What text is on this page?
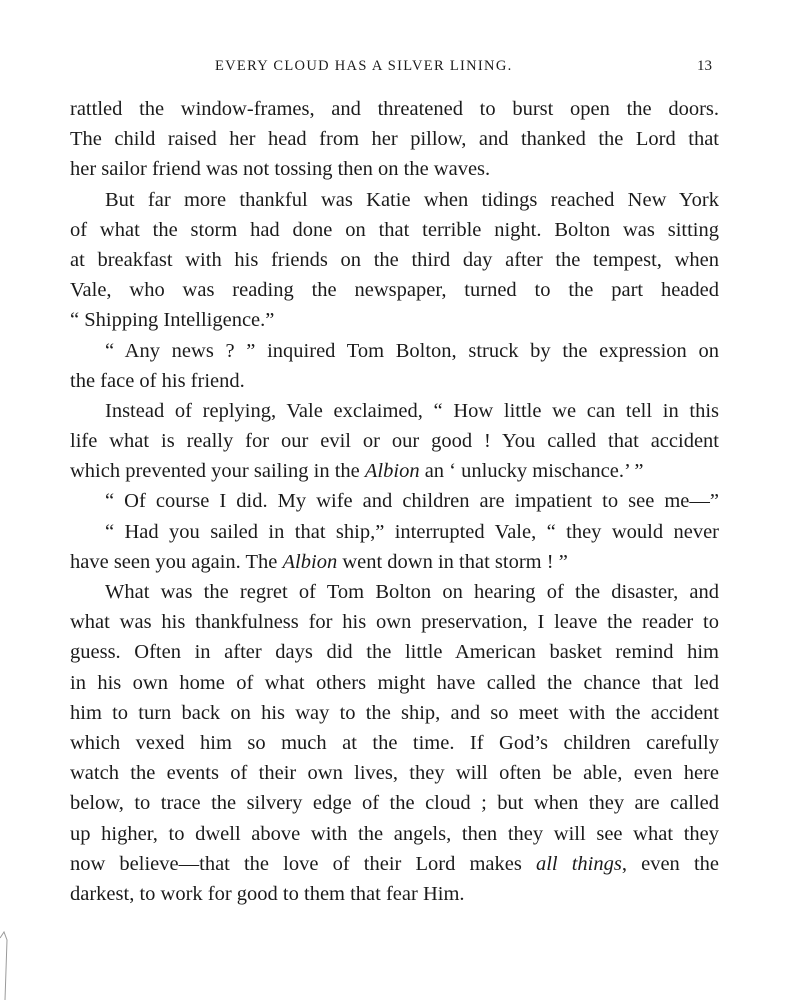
EVERY CLOUD HAS A SILVER LINING.	13
rattled the window-frames, and threatened to burst open the doors.
The child raised her head from her pillow, and thanked the Lord that
her sailor friend was not tossing then on the waves.
But far more thankful was Katie when tidings reached New York
of what the storm had done on that terrible night. Bolton was sitting
at breakfast with his friends on the third day after the tempest, when
Vale, who was reading the newspaper, turned to the part headed
“ Shipping Intelligence.”
“ Any news ? ” inquired Tom Bolton, struck by the expression on
the face of his friend.
Instead of replying, Vale exclaimed, “ How little we can tell in this
life what is really for our evil or our good ! You called that accident
which prevented your sailing in the Albion an ‘ unlucky mischance.’ ”
“ Of course I did. My wife and children are impatient to see me—”
“ Had you sailed in that ship,” interrupted Vale, “ they would never
have seen you again. The Albion went down in that storm ! ”
What was the regret of Tom Bolton on hearing of the disaster, and
what was his thankfulness for his own preservation, I leave the reader to
guess. Often in after days did the little American basket remind him
in his own home of what others might have called the chance that led
him to turn back on his way to the ship, and so meet with the accident
which vexed him so much at the time. If God’s children carefully
watch the events of their own lives, they will often be able, even here
below, to trace the silvery edge of the cloud ; but when they are called
up higher, to dwell above with the angels, then they will see what they
now believe—that the love of their Lord makes all things, even the
darkest, to work for good to them that fear Him.
